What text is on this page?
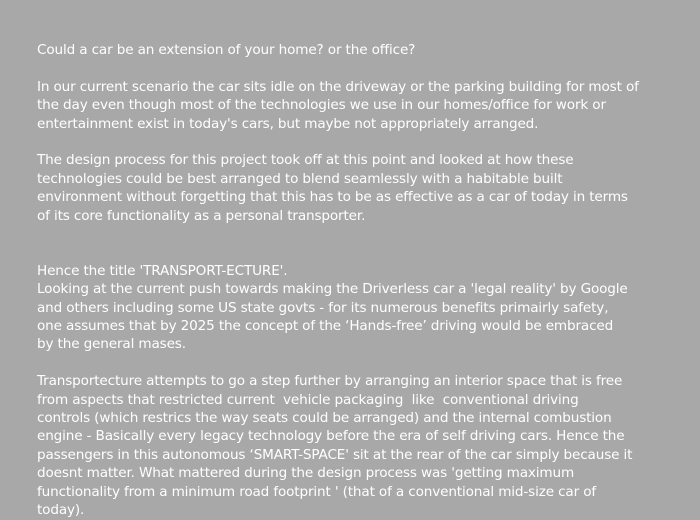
Could a car be an extension of your home? or the office?
In our current scenario the car sits idle on the driveway or the parking building for most of
the day even though most of the technologies we use in our homes/office for work or
entertainment exist in today's cars, but maybe not appropriately arranged.
The design process for this project took off at this point and looked at how these
technologies could be best arranged to blend seamlessly with a habitable built
environment without forgetting that this has to be as effective as a car of today in terms
of its core functionality as a personal transporter.
Hence the title 'TRANSPORT-ECTURE'.
Looking at the current push towards making the Driverless car a 'legal reality' by Google
and others including some US state govts - for its numerous benefits primairly safety,
one assumes that by 2025 the concept of the ‘Hands-free’ driving would be embraced
by the general mases.
Transportecture attempts to go a step further by arranging an interior space that is free
from aspects that restricted current  vehicle packaging  like  conventional driving
controls (which restrics the way seats could be arranged) and the internal combustion
engine - Basically every legacy technology before the era of self driving cars. Hence the
passengers in this autonomous ‘SMART-SPACE' sit at the rear of the car simply because it
doesnt matter. What mattered during the design process was 'getting maximum
functionality from a minimum road footprint ' (that of a conventional mid-size car of
today).
